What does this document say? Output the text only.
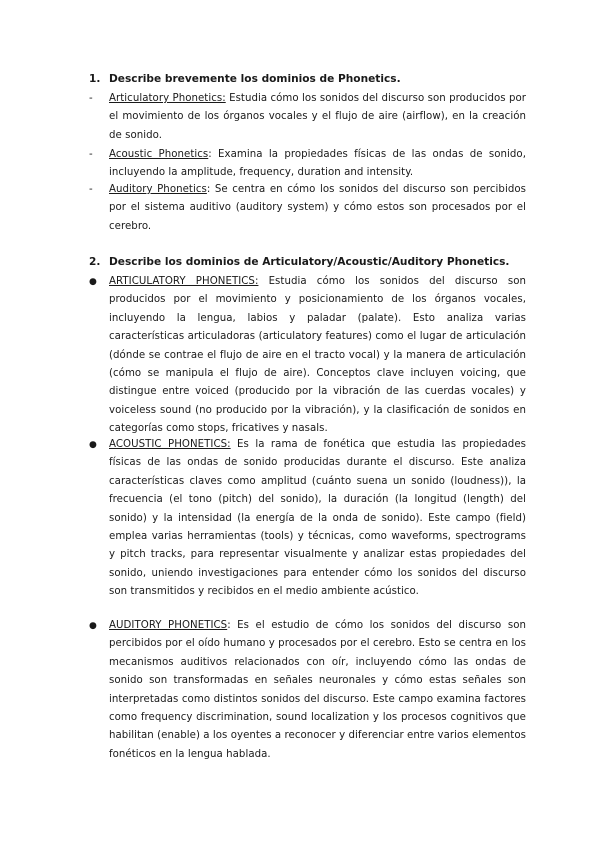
1. Describe brevemente los dominios de Phonetics.
-	Articulatory Phonetics: Estudia cómo los sonidos del discurso son producidos por el movimiento de los órganos vocales y el flujo de aire (airflow), en la creación de sonido.
-	Acoustic Phonetics: Examina la propiedades físicas de las ondas de sonido, incluyendo la amplitude, frequency, duration and intensity.
-	Auditory Phonetics: Se centra en cómo los sonidos del discurso son percibidos por el sistema auditivo (auditory system) y cómo estos son procesados por el cerebro.
2. Describe los dominios de Articulatory/Acoustic/Auditory Phonetics.
●	ARTICULATORY PHONETICS: Estudia cómo los sonidos del discurso son producidos por el movimiento y posicionamiento de los órganos vocales, incluyendo la lengua, labios y paladar (palate). Esto analiza varias características articuladoras (articulatory features) como el lugar de articulación (dónde se contrae el flujo de aire en el tracto vocal) y la manera de articulación (cómo se manipula el flujo de aire). Conceptos clave incluyen voicing, que distingue entre voiced (producido por la vibración de las cuerdas vocales) y voiceless sound (no producido por la vibración), y la clasificación de sonidos en categorías como stops, fricatives y nasals.
●	ACOUSTIC PHONETICS: Es la rama de fonética que estudia las propiedades físicas de las ondas de sonido producidas durante el discurso. Este analiza características claves como amplitud (cuánto suena un sonido (loudness)), la frecuencia (el tono (pitch) del sonido), la duración (la longitud (length) del sonido) y la intensidad (la energía de la onda de sonido). Este campo (field) emplea varias herramientas (tools) y técnicas, como waveforms, spectrograms y pitch tracks, para representar visualmente y analizar estas propiedades del sonido, uniendo investigaciones para entender cómo los sonidos del discurso son transmitidos y recibidos en el medio ambiente acústico.
●	AUDITORY PHONETICS: Es el estudio de cómo los sonidos del discurso son percibidos por el oído humano y procesados por el cerebro. Esto se centra en los mecanismos auditivos relacionados con oír, incluyendo cómo las ondas de sonido son transformadas en señales neuronales y cómo estas señales son interpretadas como distintos sonidos del discurso. Este campo examina factores como frequency discrimination, sound localization y los procesos cognitivos que habilitan (enable) a los oyentes a reconocer y diferenciar entre varios elementos fonéticos en la lengua hablada.
